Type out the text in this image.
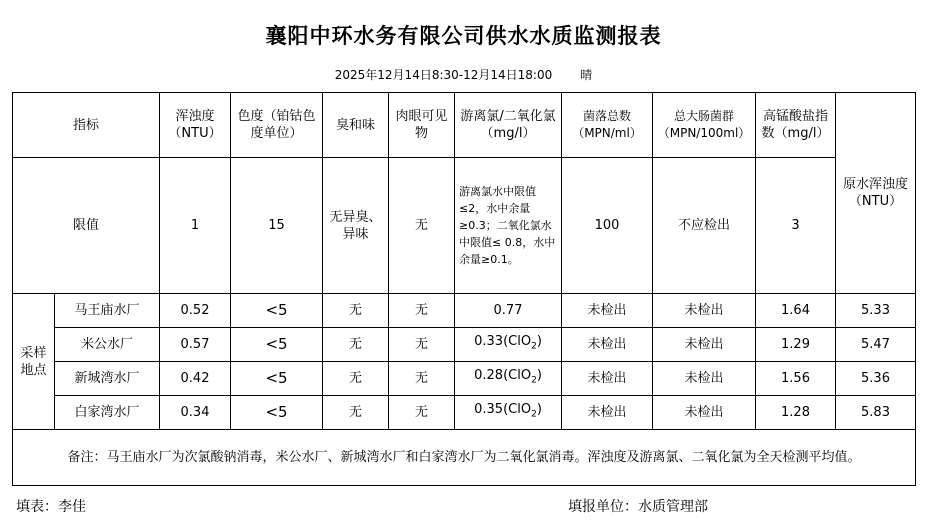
襄阳中环水务有限公司供水水质监测报表
2025年12月14日8:30-12月14日18:00 晴
指标		浑浊度（NTU）	色度（铂钴色度单位）	臭和味	肉眼可见物	游离氯/二氧化氯（mg/l）	菌落总数（MPN/ml）	总大肠菌群（MPN/100ml）	高锰酸盐指数（mg/l）	原水浑浊度（NTU）
限值		1	15	无异臭、异味	无	游离氯水中限值 ≤2，水中余量≥0.3；二氧化氯水中限值≤ 0.8，水中余量≥0.1。	100	不应检出	3	
采样地点	马王庙水厂	0.52	<5	无	无	0.77	未检出	未检出	1.64	5.33
	米公水厂	0.57	<5	无	无	0.33(ClO$_2$)	未检出	未检出	1.29	5.47
	新城湾水厂	0.42	<5	无	无	0.28(ClO$_2$)	未检出	未检出	1.56	5.36
	白家湾水厂	0.34	<5	无	无	0.35(ClO$_2$)	未检出	未检出	1.28	5.83
备注：马王庙水厂为次氯酸钠消毒，米公水厂、新城湾水厂和白家湾水厂为二氧化氯消毒。浑浊度及游离氯、二氧化氯为全天检测平均值。										
填表：李佳	填报单位：水质管理部
